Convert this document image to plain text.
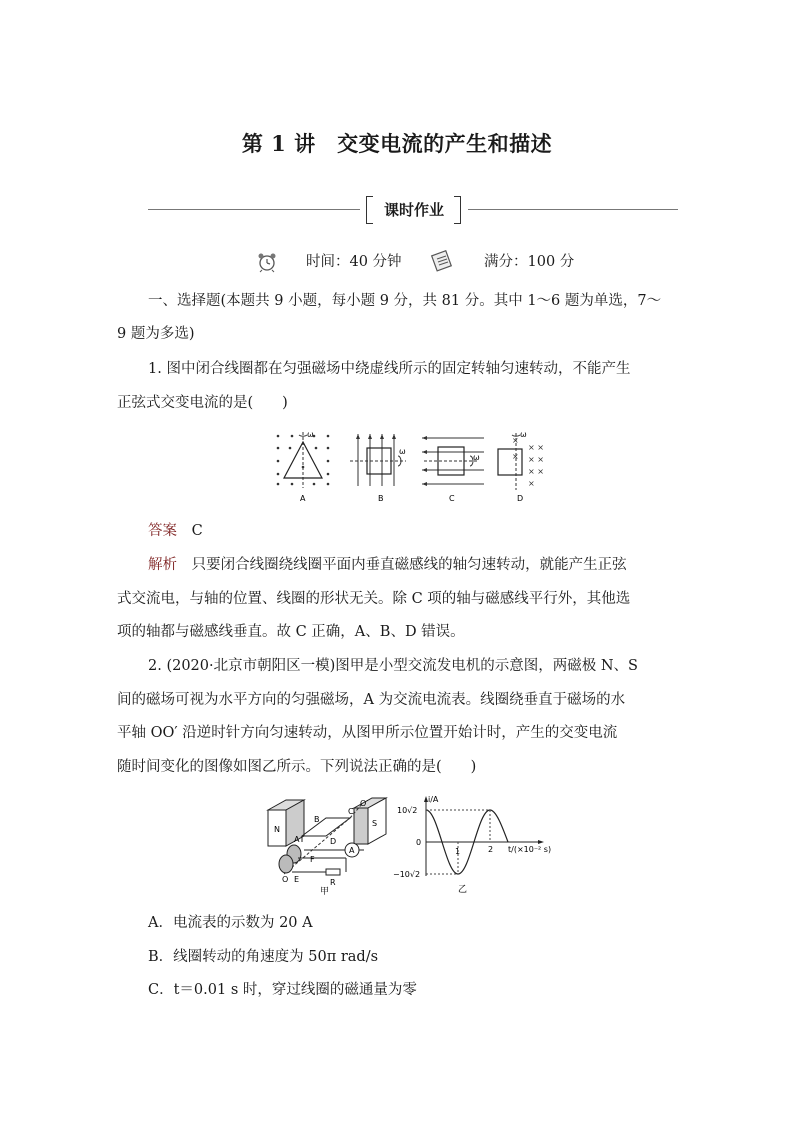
第 1 讲　交变电流的产生和描述
课时作业
时间：40 分钟	满分：100 分
一、选择题(本题共 9 小题，每小题 9 分，共 81 分。其中 1～6 题为单选，7～
9 题为多选)
1. 图中闭合线圈都在匀强磁场中绕虚线所示的固定转轴匀速转动，不能产生
正弦式交变电流的是(　　)
ω
ω
ω
× ×
× ×
× ×
×
×
×
ω
A	B	C	D
答案 C
解析 只要闭合线圈绕线圈平面内垂直磁感线的轴匀速转动，就能产生正弦
式交流电，与轴的位置、线圈的形状无关。除 C 项的轴与磁感线平行外，其他选
项的轴都与磁感线垂直。故 C 正确，A、B、D 错误。
2. (2020·北京市朝阳区一模)图甲是小型交流发电机的示意图，两磁极 N、S
间的磁场可视为水平方向的匀强磁场，A 为交流电流表。线圈绕垂直于磁场的水
平轴 OO′ 沿逆时针方向匀速转动，从图甲所示位置开始计时，产生的交变电流
随时间变化的图像如图乙所示。下列说法正确的是(　　)
N
S
A
O′
B
C
D
A
F
E
O	R
甲
i/A
10√2
0
−10√2
1	2 t/(×10⁻² s)
乙
A．电流表的示数为 20 A
B．线圈转动的角速度为 50π rad/s
C．t＝0.01 s 时，穿过线圈的磁通量为零
